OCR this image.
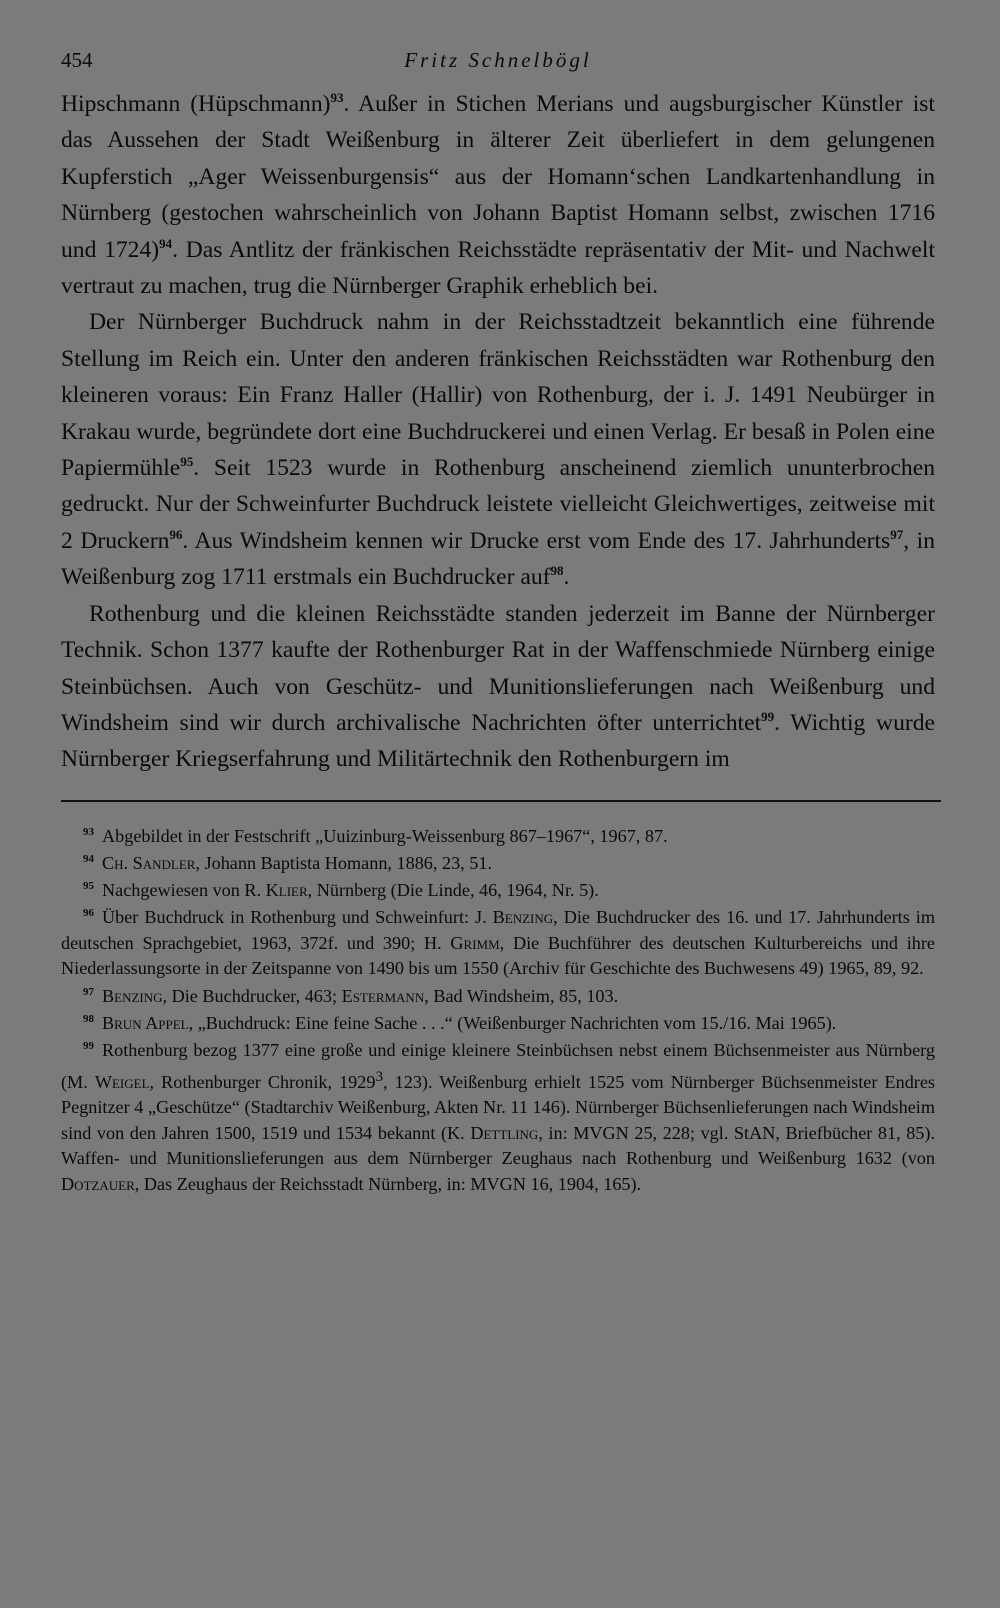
454	Fritz Schnelbögl

Hipschmann (Hüpschmann)$^{93}$. Außer in Stichen Merians und augsburgischer Künstler ist das Aussehen der Stadt Weißenburg in älterer Zeit überliefert in dem gelungenen Kupferstich „Ager Weissenburgensis“ aus der Homann‘schen Landkartenhandlung in Nürnberg (gestochen wahrscheinlich von Johann Baptist Homann selbst, zwischen 1716 und 1724)$^{94}$. Das Antlitz der fränkischen Reichsstädte repräsentativ der Mit- und Nachwelt vertraut zu machen, trug die Nürnberger Graphik erheblich bei.

Der Nürnberger Buchdruck nahm in der Reichsstadtzeit bekanntlich eine führende Stellung im Reich ein. Unter den anderen fränkischen Reichsstädten war Rothenburg den kleineren voraus: Ein Franz Haller (Hallir) von Rothenburg, der i. J. 1491 Neubürger in Krakau wurde, begründete dort eine Buchdruckerei und einen Verlag. Er besaß in Polen eine Papiermühle$^{95}$. Seit 1523 wurde in Rothenburg anscheinend ziemlich ununterbrochen gedruckt. Nur der Schweinfurter Buchdruck leistete vielleicht Gleichwertiges, zeitweise mit 2 Druckern$^{96}$. Aus Windsheim kennen wir Drucke erst vom Ende des 17. Jahrhunderts$^{97}$, in Weißenburg zog 1711 erstmals ein Buchdrucker auf$^{98}$.

Rothenburg und die kleinen Reichsstädte standen jederzeit im Banne der Nürnberger Technik. Schon 1377 kaufte der Rothenburger Rat in der Waffenschmiede Nürnberg einige Steinbüchsen. Auch von Geschütz- und Munitionslieferungen nach Weißenburg und Windsheim sind wir durch archivalische Nachrichten öfter unterrichtet$^{99}$. Wichtig wurde Nürnberger Kriegserfahrung und Militärtechnik den Rothenburgern im

$^{93}$ Abgebildet in der Festschrift „Uuizinburg-Weissenburg 867–1967“, 1967, 87.

$^{94}$ Ch. Sandler, Johann Baptista Homann, 1886, 23, 51.

$^{95}$ Nachgewiesen von R. Klier, Nürnberg (Die Linde, 46, 1964, Nr. 5).

$^{96}$ Über Buchdruck in Rothenburg und Schweinfurt: J. Benzing, Die Buchdrucker des 16. und 17. Jahrhunderts im deutschen Sprachgebiet, 1963, 372f. und 390; H. Grimm, Die Buchführer des deutschen Kulturbereichs und ihre Niederlassungsorte in der Zeitspanne von 1490 bis um 1550 (Archiv für Geschichte des Buchwesens 49) 1965, 89, 92.

$^{97}$ Benzing, Die Buchdrucker, 463; Estermann, Bad Windsheim, 85, 103.

$^{98}$ Brun Appel, „Buchdruck: Eine feine Sache . . .“ (Weißenburger Nachrichten vom 15./16. Mai 1965).

$^{99}$ Rothenburg bezog 1377 eine große und einige kleinere Steinbüchsen nebst einem Büchsenmeister aus Nürnberg (M. Weigel, Rothenburger Chronik, 1929$^3$, 123). Weißenburg erhielt 1525 vom Nürnberger Büchsenmeister Endres Pegnitzer 4 „Geschütze“ (Stadtarchiv Weißenburg, Akten Nr. 11 146). Nürnberger Büchsenlieferungen nach Windsheim sind von den Jahren 1500, 1519 und 1534 bekannt (K. Dettling, in: MVGN 25, 228; vgl. StAN, Briefbücher 81, 85). Waffen- und Munitionslieferungen aus dem Nürnberger Zeughaus nach Rothenburg und Weißenburg 1632 (von Dotzauer, Das Zeughaus der Reichsstadt Nürnberg, in: MVGN 16, 1904, 165).
